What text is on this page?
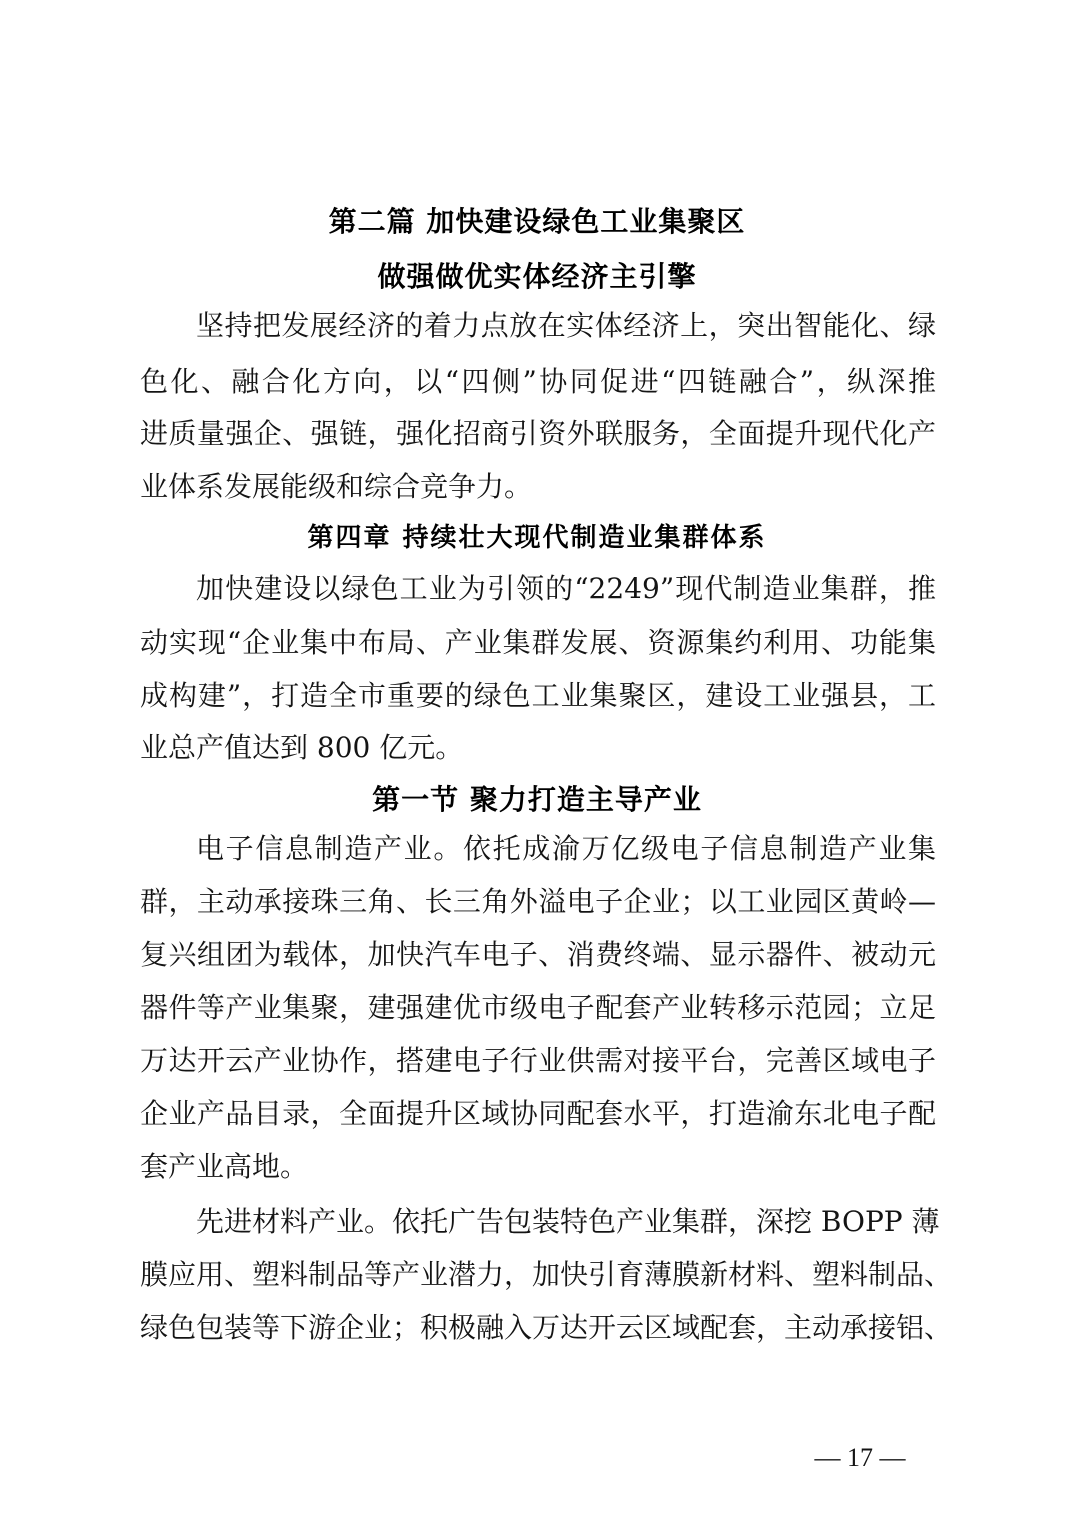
第二篇 加快建设绿色工业集聚区
做强做优实体经济主引擎
坚持把发展经济的着力点放在实体经济上，突出智能化、绿
色化、融合化方向，以“四侧”协同促进“四链融合”，纵深推
进质量强企、强链，强化招商引资外联服务，全面提升现代化产
业体系发展能级和综合竞争力。
第四章 持续壮大现代制造业集群体系
加快建设以绿色工业为引领的“2249”现代制造业集群，推
动实现“企业集中布局、产业集群发展、资源集约利用、功能集
成构建”，打造全市重要的绿色工业集聚区，建设工业强县，工
业总产值达到 800 亿元。
第一节 聚力打造主导产业
电子信息制造产业。依托成渝万亿级电子信息制造产业集
群，主动承接珠三角、长三角外溢电子企业；以工业园区黄岭—
复兴组团为载体，加快汽车电子、消费终端、显示器件、被动元
器件等产业集聚，建强建优市级电子配套产业转移示范园；立足
万达开云产业协作，搭建电子行业供需对接平台，完善区域电子
企业产品目录，全面提升区域协同配套水平，打造渝东北电子配
套产业高地。
先进材料产业。依托广告包装特色产业集群，深挖 BOPP 薄
膜应用、塑料制品等产业潜力，加快引育薄膜新材料、塑料制品、
绿色包装等下游企业；积极融入万达开云区域配套，主动承接铝、
— 17 —
